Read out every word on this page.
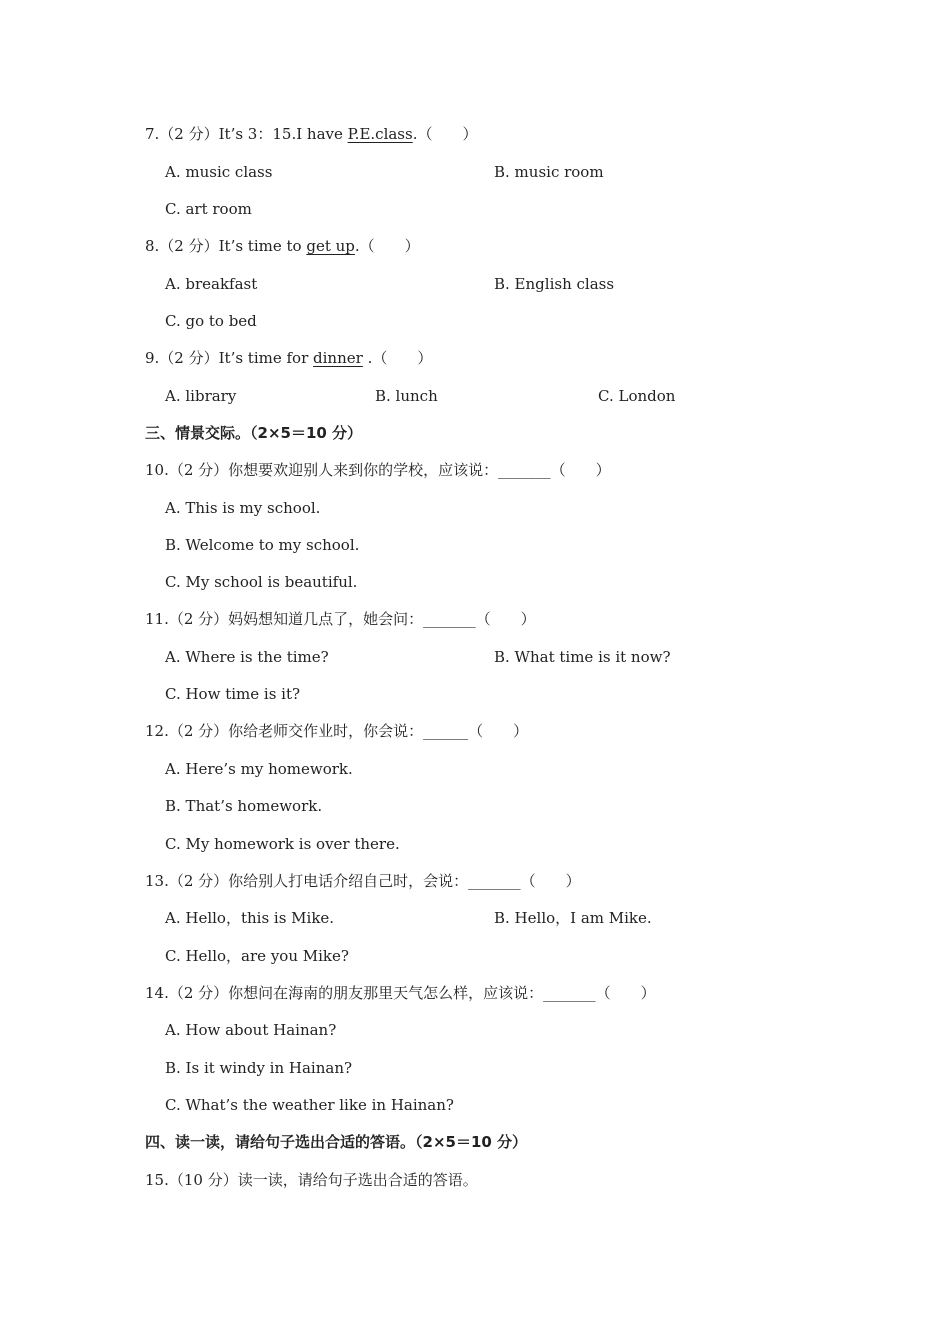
7.（2 分）It’s 3：15.I have P.E.class.（　　）
A. music class	B. music room
C. art room
8.（2 分）It’s time to get up.（　　）
A. breakfast	B. English class
C. go to bed
9.（2 分）It’s time for dinner .（　　）
A. library	B. lunch	C. London
三、情景交际。（2×5＝10 分）
10.（2 分）你想要欢迎别人来到你的学校，应该说：_______（　　）
A. This is my school.
B. Welcome to my school.
C. My school is beautiful.
11.（2 分）妈妈想知道几点了，她会问：_______（　　）
A. Where is the time?	B. What time is it now?
C. How time is it?
12.（2 分）你给老师交作业时，你会说：______（　　）
A. Here’s my homework.
B. That’s homework.
C. My homework is over there.
13.（2 分）你给别人打电话介绍自己时，会说：_______（　　）
A. Hello，this is Mike.	B. Hello，I am Mike.
C. Hello，are you Mike?
14.（2 分）你想问在海南的朋友那里天气怎么样，应该说：_______（　　）
A. How about Hainan?
B. Is it windy in Hainan?
C. What’s the weather like in Hainan?
四、读一读，请给句子选出合适的答语。（2×5＝10 分）
15.（10 分）读一读，请给句子选出合适的答语。
